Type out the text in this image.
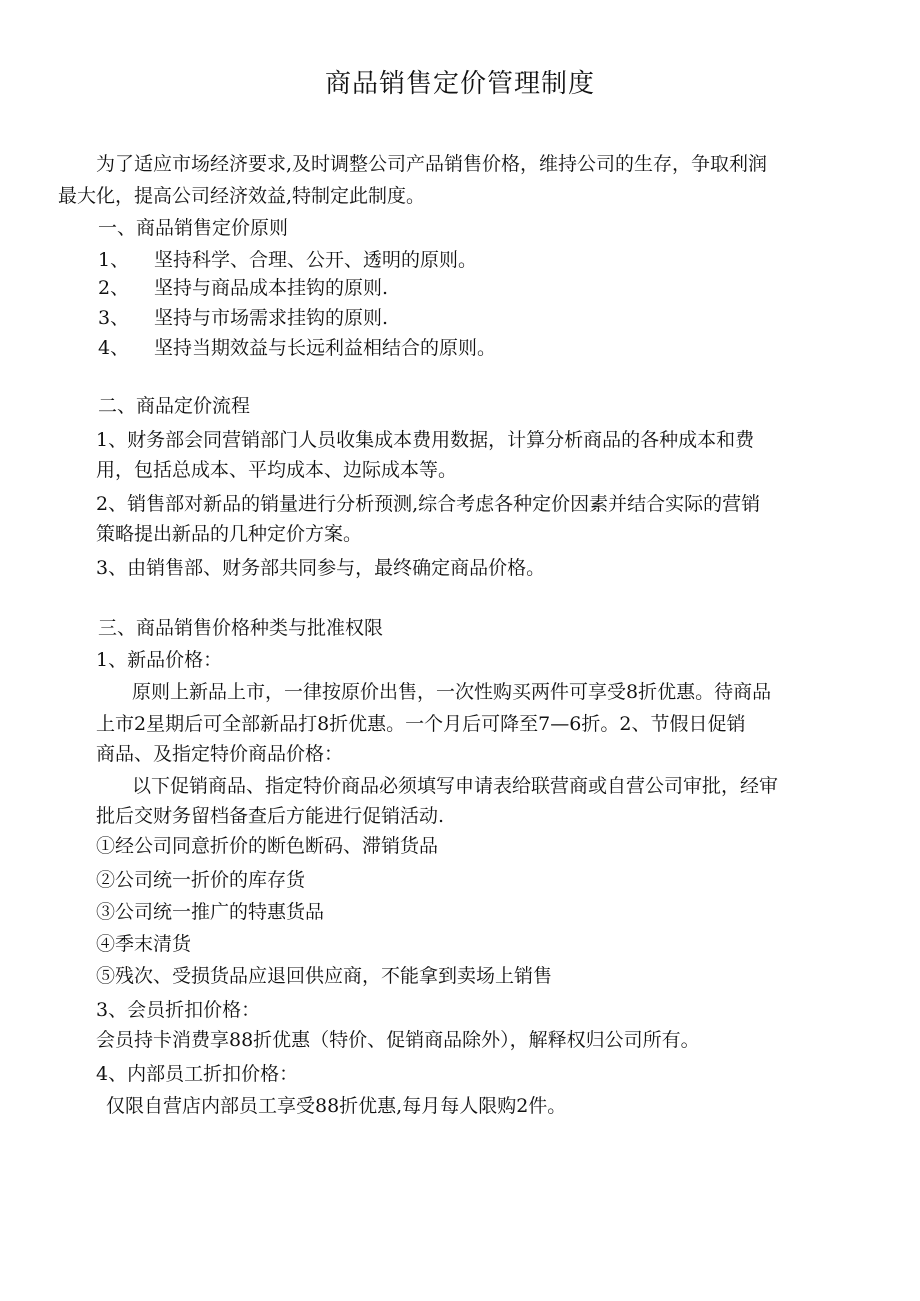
商品销售定价管理制度
为了适应市场经济要求,及时调整公司产品销售价格，维持公司的生存，争取利润
最大化，提高公司经济效益,特制定此制度。
一、商品销售定价原则
1、 坚持科学、合理、公开、透明的原则。
2、 坚持与商品成本挂钩的原则.
3、 坚持与市场需求挂钩的原则.
4、 坚持当期效益与长远利益相结合的原则。
二、商品定价流程
1、财务部会同营销部门人员收集成本费用数据，计算分析商品的各种成本和费
用，包括总成本、平均成本、边际成本等。
2、销售部对新品的销量进行分析预测,综合考虑各种定价因素并结合实际的营销
策略提出新品的几种定价方案。
3、由销售部、财务部共同参与，最终确定商品价格。
三、商品销售价格种类与批准权限
1、新品价格：
原则上新品上市，一律按原价出售，一次性购买两件可享受8折优惠。待商品
上市2星期后可全部新品打8折优惠。一个月后可降至7—6折。2、节假日促销
商品、及指定特价商品价格：
以下促销商品、指定特价商品必须填写申请表给联营商或自营公司审批，经审
批后交财务留档备查后方能进行促销活动.
①经公司同意折价的断色断码、滞销货品
②公司统一折价的库存货
③公司统一推广的特惠货品
④季末清货
⑤残次、受损货品应退回供应商，不能拿到卖场上销售
3、会员折扣价格：
会员持卡消费享88折优惠（特价、促销商品除外），解释权归公司所有。
4、内部员工折扣价格：
仅限自营店内部员工享受88折优惠,每月每人限购2件。
